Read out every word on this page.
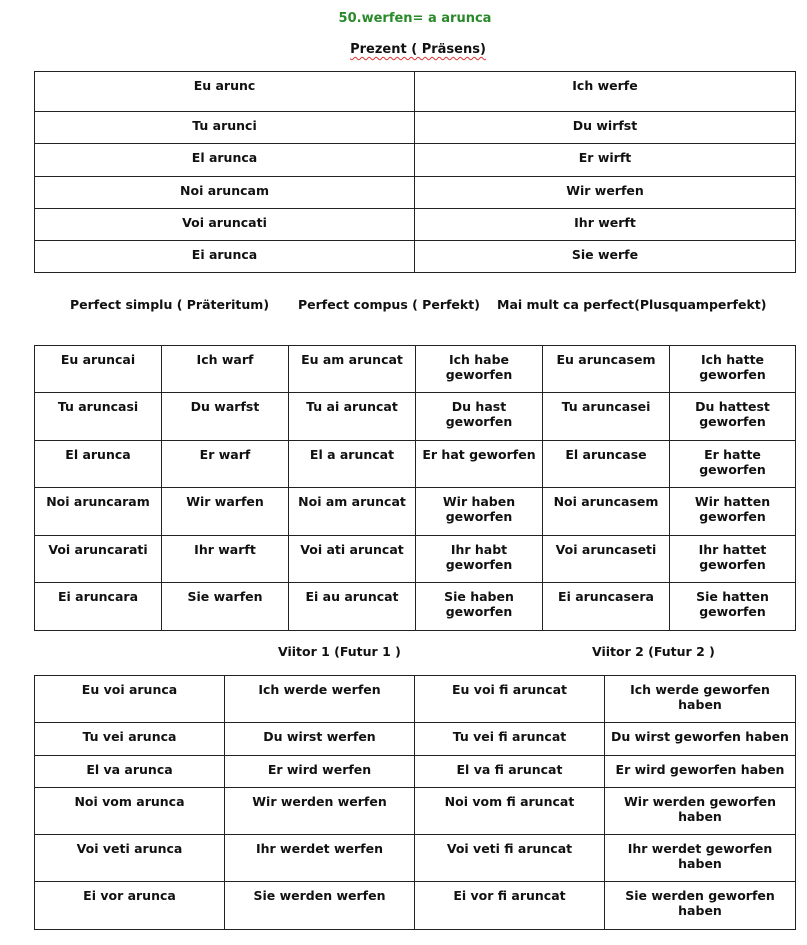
50.werfen= a arunca
Prezent ( Präsens)
Eu arunc	Ich werfe
Tu arunci	Du wirfst
El arunca	Er wirft
Noi aruncam	Wir werfen
Voi aruncati	Ihr werft
Ei arunca	Sie werfe
Perfect simplu ( Präteritum) Perfect compus ( Perfekt) Mai mult ca perfect(Plusquamperfekt)
Eu aruncai	Ich warf	Eu am aruncat	Ich habe geworfen	Eu aruncasem	Ich hatte geworfen
Tu aruncasi	Du warfst	Tu ai aruncat	Du hast geworfen	Tu aruncasei	Du hattest geworfen
El arunca	Er warf	El a aruncat	Er hat geworfen	El aruncase	Er hatte geworfen
Noi aruncaram	Wir warfen	Noi am aruncat	Wir haben geworfen	Noi aruncasem	Wir hatten geworfen
Voi aruncarati	Ihr warft	Voi ati aruncat	Ihr habt geworfen	Voi aruncaseti	Ihr hattet geworfen
Ei aruncara	Sie warfen	Ei au aruncat	Sie haben geworfen	Ei aruncasera	Sie hatten geworfen
Viitor 1 (Futur 1 )	Viitor 2 (Futur 2 )
Eu voi arunca	Ich werde werfen	Eu voi fi aruncat	Ich werde geworfen haben
Tu vei arunca	Du wirst werfen	Tu vei fi aruncat	Du wirst geworfen haben
El va arunca	Er wird werfen	El va fi aruncat	Er wird geworfen haben
Noi vom arunca	Wir werden werfen	Noi vom fi aruncat	Wir werden geworfen haben
Voi veti arunca	Ihr werdet werfen	Voi veti fi aruncat	Ihr werdet geworfen haben
Ei vor arunca	Sie werden werfen	Ei vor fi aruncat	Sie werden geworfen haben
